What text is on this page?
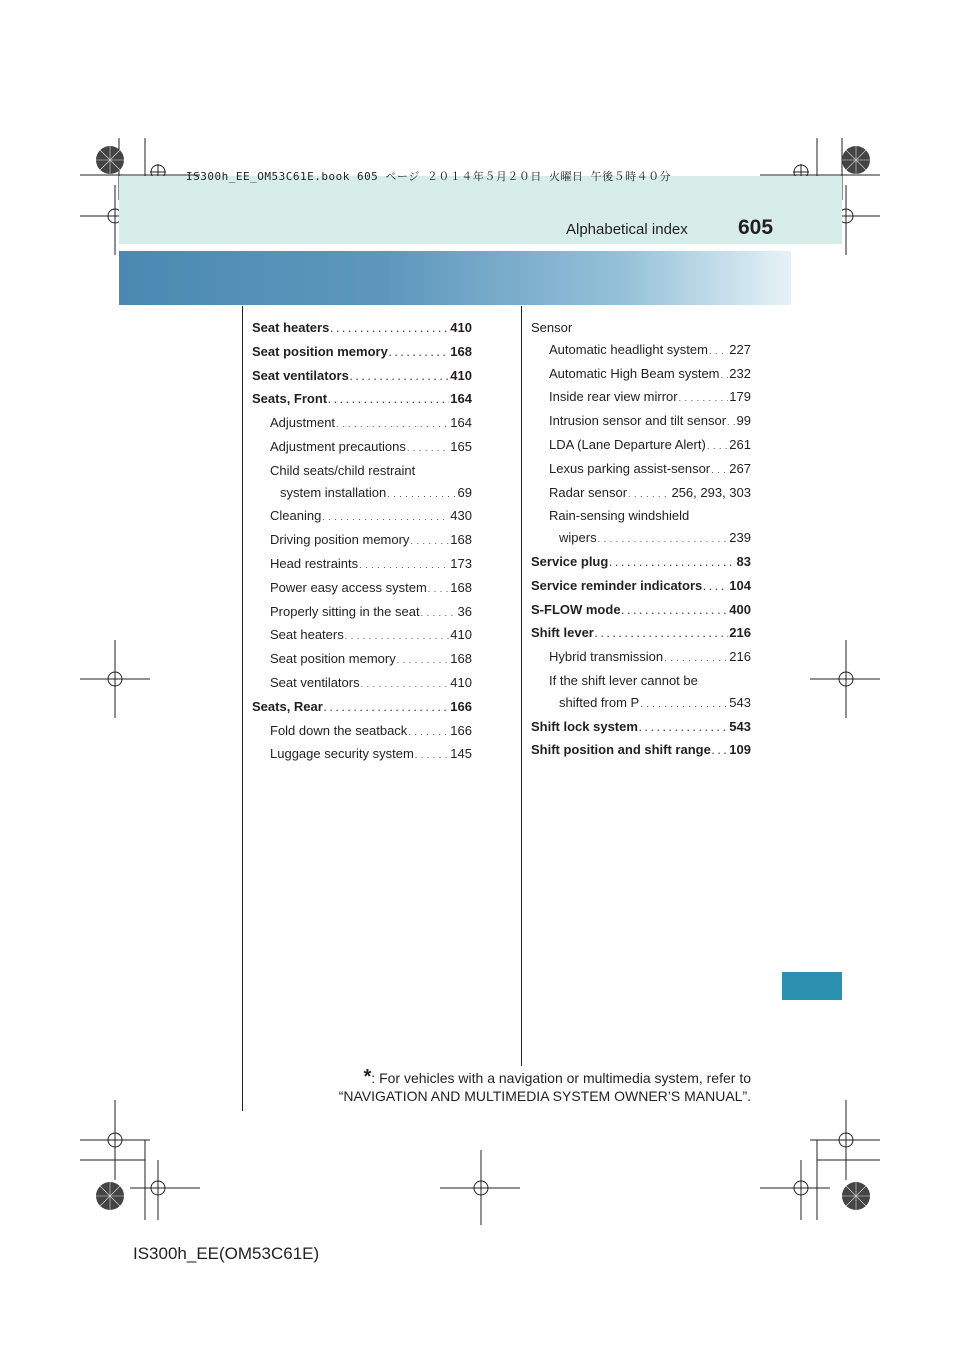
IS300h_EE_OM53C61E.book 605 ページ ２０１４年５月２０日 火曜日 午後５時４０分
Alphabetical index 605
Seat heaters . . .	410
Seat position memory . . .	168
Seat ventilators . . .	410
Seats, Front . . .	164
Adjustment . . .	164
Adjustment precautions . . .	165
Child seats/child restraint
system installation . . .	69
Cleaning . . .	430
Driving position memory . . .	168
Head restraints . . .	173
Power easy access system . . . 168
Properly sitting in the seat . . .	36
Seat heaters . . .	410
Seat position memory . . .	168
Seat ventilators . . .	410
Seats, Rear . . .	166
Fold down the seatback . . .	166
Luggage security system . . .	145
Sensor
Automatic headlight system . . . 227
Automatic High Beam system . . . 232
Inside rear view mirror . . .	179
Intrusion sensor and tilt sensor . . . 99
LDA (Lane Departure Alert) . . . 261
Lexus parking assist-sensor . . . 267
Radar sensor . . .	256, 293, 303
Rain-sensing windshield
wipers . . .	239
Service plug . . .	83
Service reminder indicators . . . 104
S-FLOW mode . . .	400
Shift lever . . .	216
Hybrid transmission . . .	216
If the shift lever cannot be
shifted from P . . .	543
Shift lock system . . .	543
Shift position and shift range . . . 109
*: For vehicles with a navigation or multimedia system, refer to
“NAVIGATION AND MULTIMEDIA SYSTEM OWNER’S MANUAL”.
IS300h_EE(OM53C61E)
